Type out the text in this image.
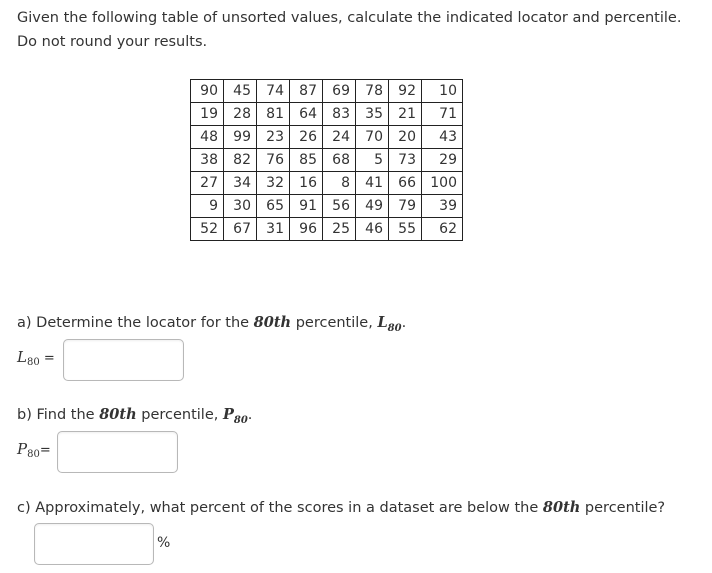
Given the following table of unsorted values, calculate the indicated locator and percentile. Do not round your results.

90	45	74	87	69	78	92	10
19	28	81	64	83	35	21	71
48	99	23	26	24	70	20	43
38	82	76	85	68	5	73	29
27	34	32	16	8	41	66	100
9	30	65	91	56	49	79	39
52	67	31	96	25	46	55	62

a) Determine the locator for the 80th percentile, $L_{80}$.

$L_{80}$ =

b) Find the 80th percentile, $P_{80}$.

$P_{80}=$

c) Approximately, what percent of the scores in a dataset are below the 80th percentile?

%
